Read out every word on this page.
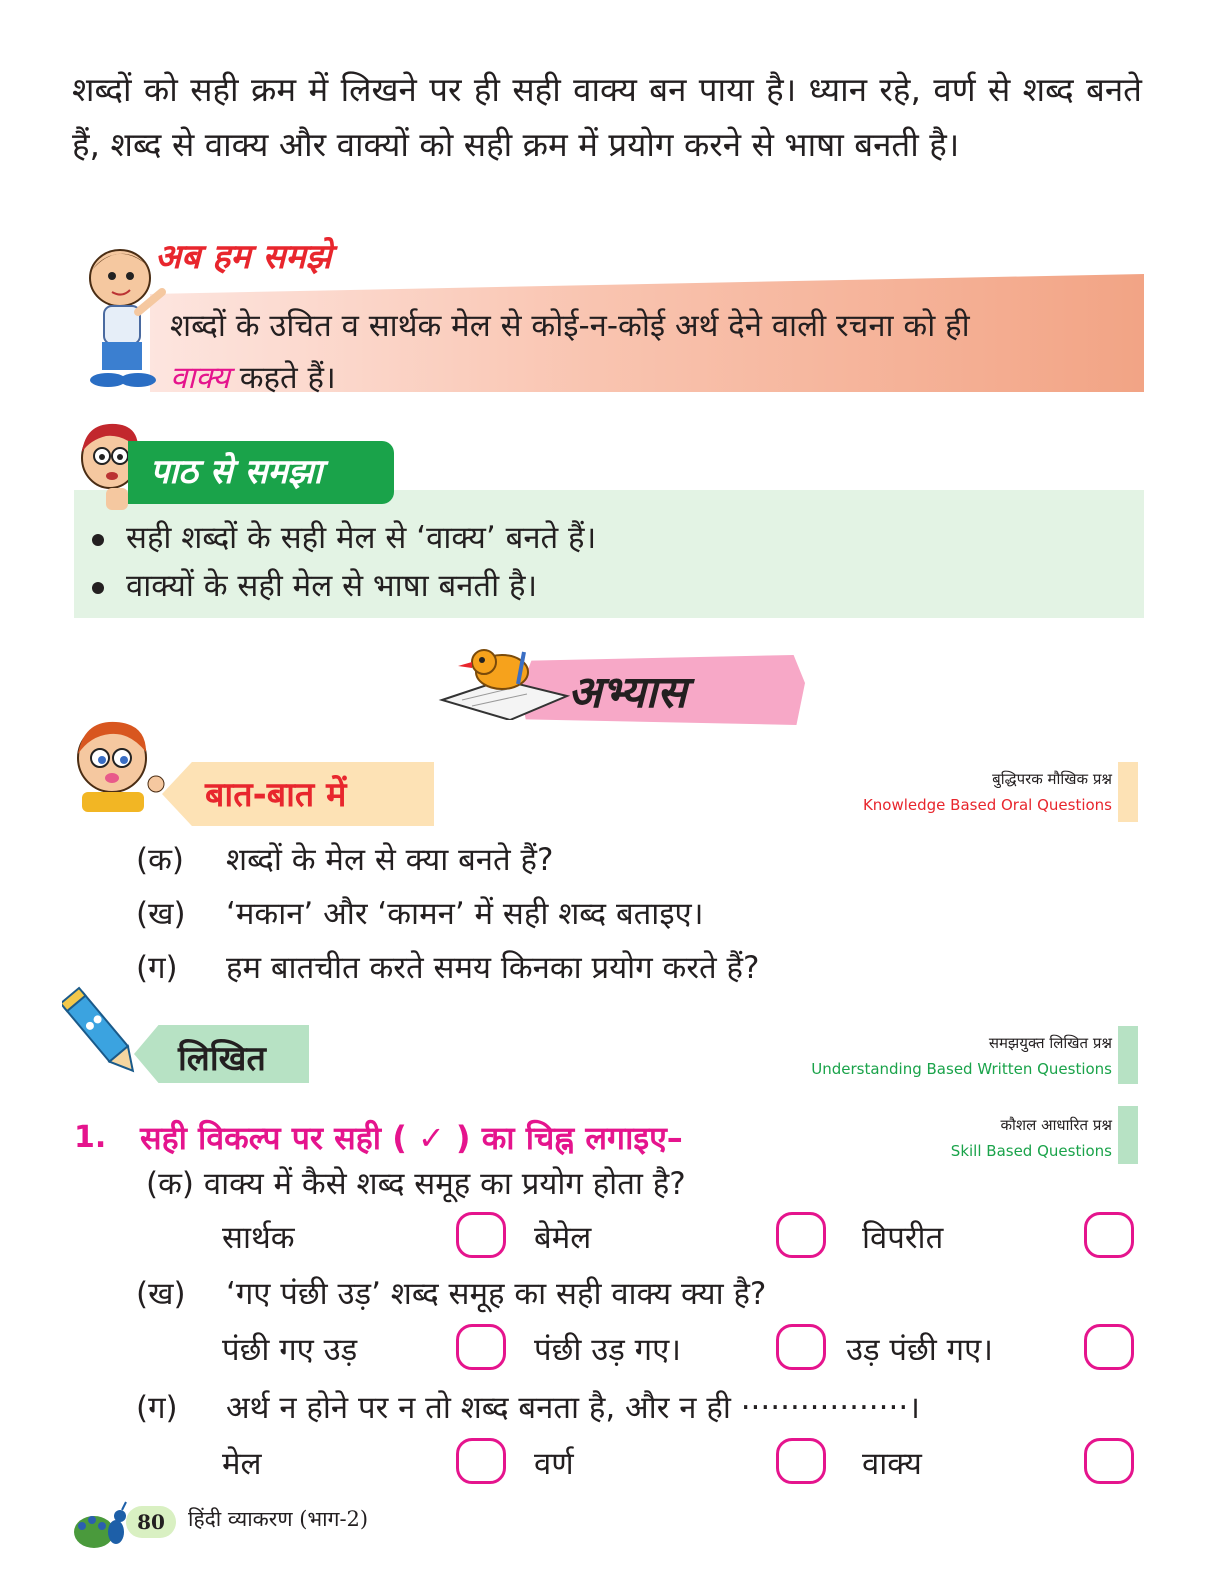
शब्दों को सही क्रम में लिखने पर ही सही वाक्य बन पाया है। ध्यान रहे, वर्ण से शब्द बनते हैं, शब्द से वाक्य और वाक्यों को सही क्रम में प्रयोग करने से भाषा बनती है।
अब हम समझे
शब्दों के उचित व सार्थक मेल से कोई-न-कोई अर्थ देने वाली रचना को ही
वाक्य कहते हैं।
पाठ से समझा
सही शब्दों के सही मेल से ‘वाक्य’ बनते हैं।
वाक्यों के सही मेल से भाषा बनती है।
अभ्यास
बात-बात में	बुद्धिपरक मौखिक प्रश्न
Knowledge Based Oral Questions
(क) शब्दों के मेल से क्या बनते हैं?
(ख) ‘मकान’ और ‘कामन’ में सही शब्द बताइए।
(ग) हम बातचीत करते समय किनका प्रयोग करते हैं?
लिखित	समझयुक्त लिखित प्रश्न
Understanding Based Written Questions
1. सही विकल्प पर सही ( ✓ ) का चिह्न लगाइए–	कौशल आधारित प्रश्न
Skill Based Questions
(क) वाक्य में कैसे शब्द समूह का प्रयोग होता है?
सार्थक	बेमेल	विपरीत
(ख) ‘गए पंछी उड़’ शब्द समूह का सही वाक्य क्या है?
पंछी गए उड़	पंछी उड़ गए।	उड़ पंछी गए।
(ग) अर्थ न होने पर न तो शब्द बनता है, और न ही ·················।
मेल	वर्ण	वाक्य
80	हिंदी व्याकरण (भाग-2)
